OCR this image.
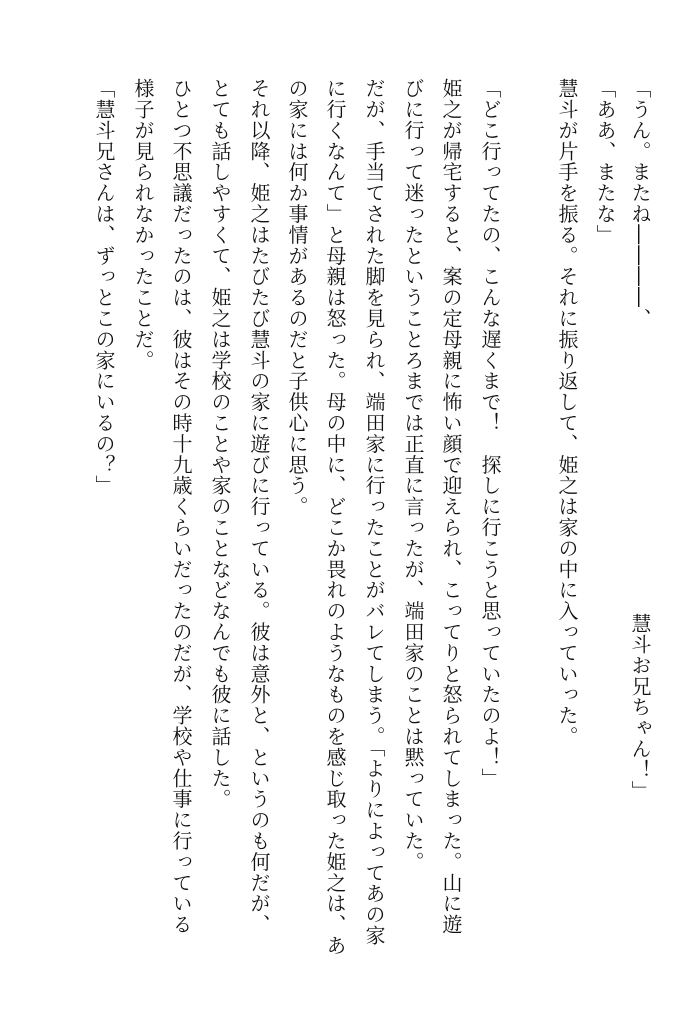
「うん。またね――――、
慧斗お兄ちゃん！」
「ああ、またな」
慧斗が片手を振る。それに振り返して、姫之は家の中に入っていった。
「どこ行ってたの、こんな遅くまで！　探しに行こうと思っていたのよ！」
姫之が帰宅すると、案の定母親に怖い顔で迎えられ、こってりと怒られてしまった。山に遊
びに行って迷ったということろまでは正直に言ったが、端田家のことは黙っていた。
だが、手当てされた脚を見られ、端田家に行ったことがバレてしまう。「よりによってあの家
に行くなんて」と母親は怒った。母の中に、どこか畏れのようなものを感じ取った姫之は、あ
の家には何か事情があるのだと子供心に思う。
それ以降、姫之はたびたび慧斗の家に遊びに行っている。彼は意外と、というのも何だが、
とても話しやすくて、姫之は学校のことや家のことなどなんでも彼に話した。
ひとつ不思議だったのは、彼はその時十九歳くらいだったのだが、学校や仕事に行っている
様子が見られなかったことだ。
「慧斗兄さんは、ずっとこの家にいるの？」
